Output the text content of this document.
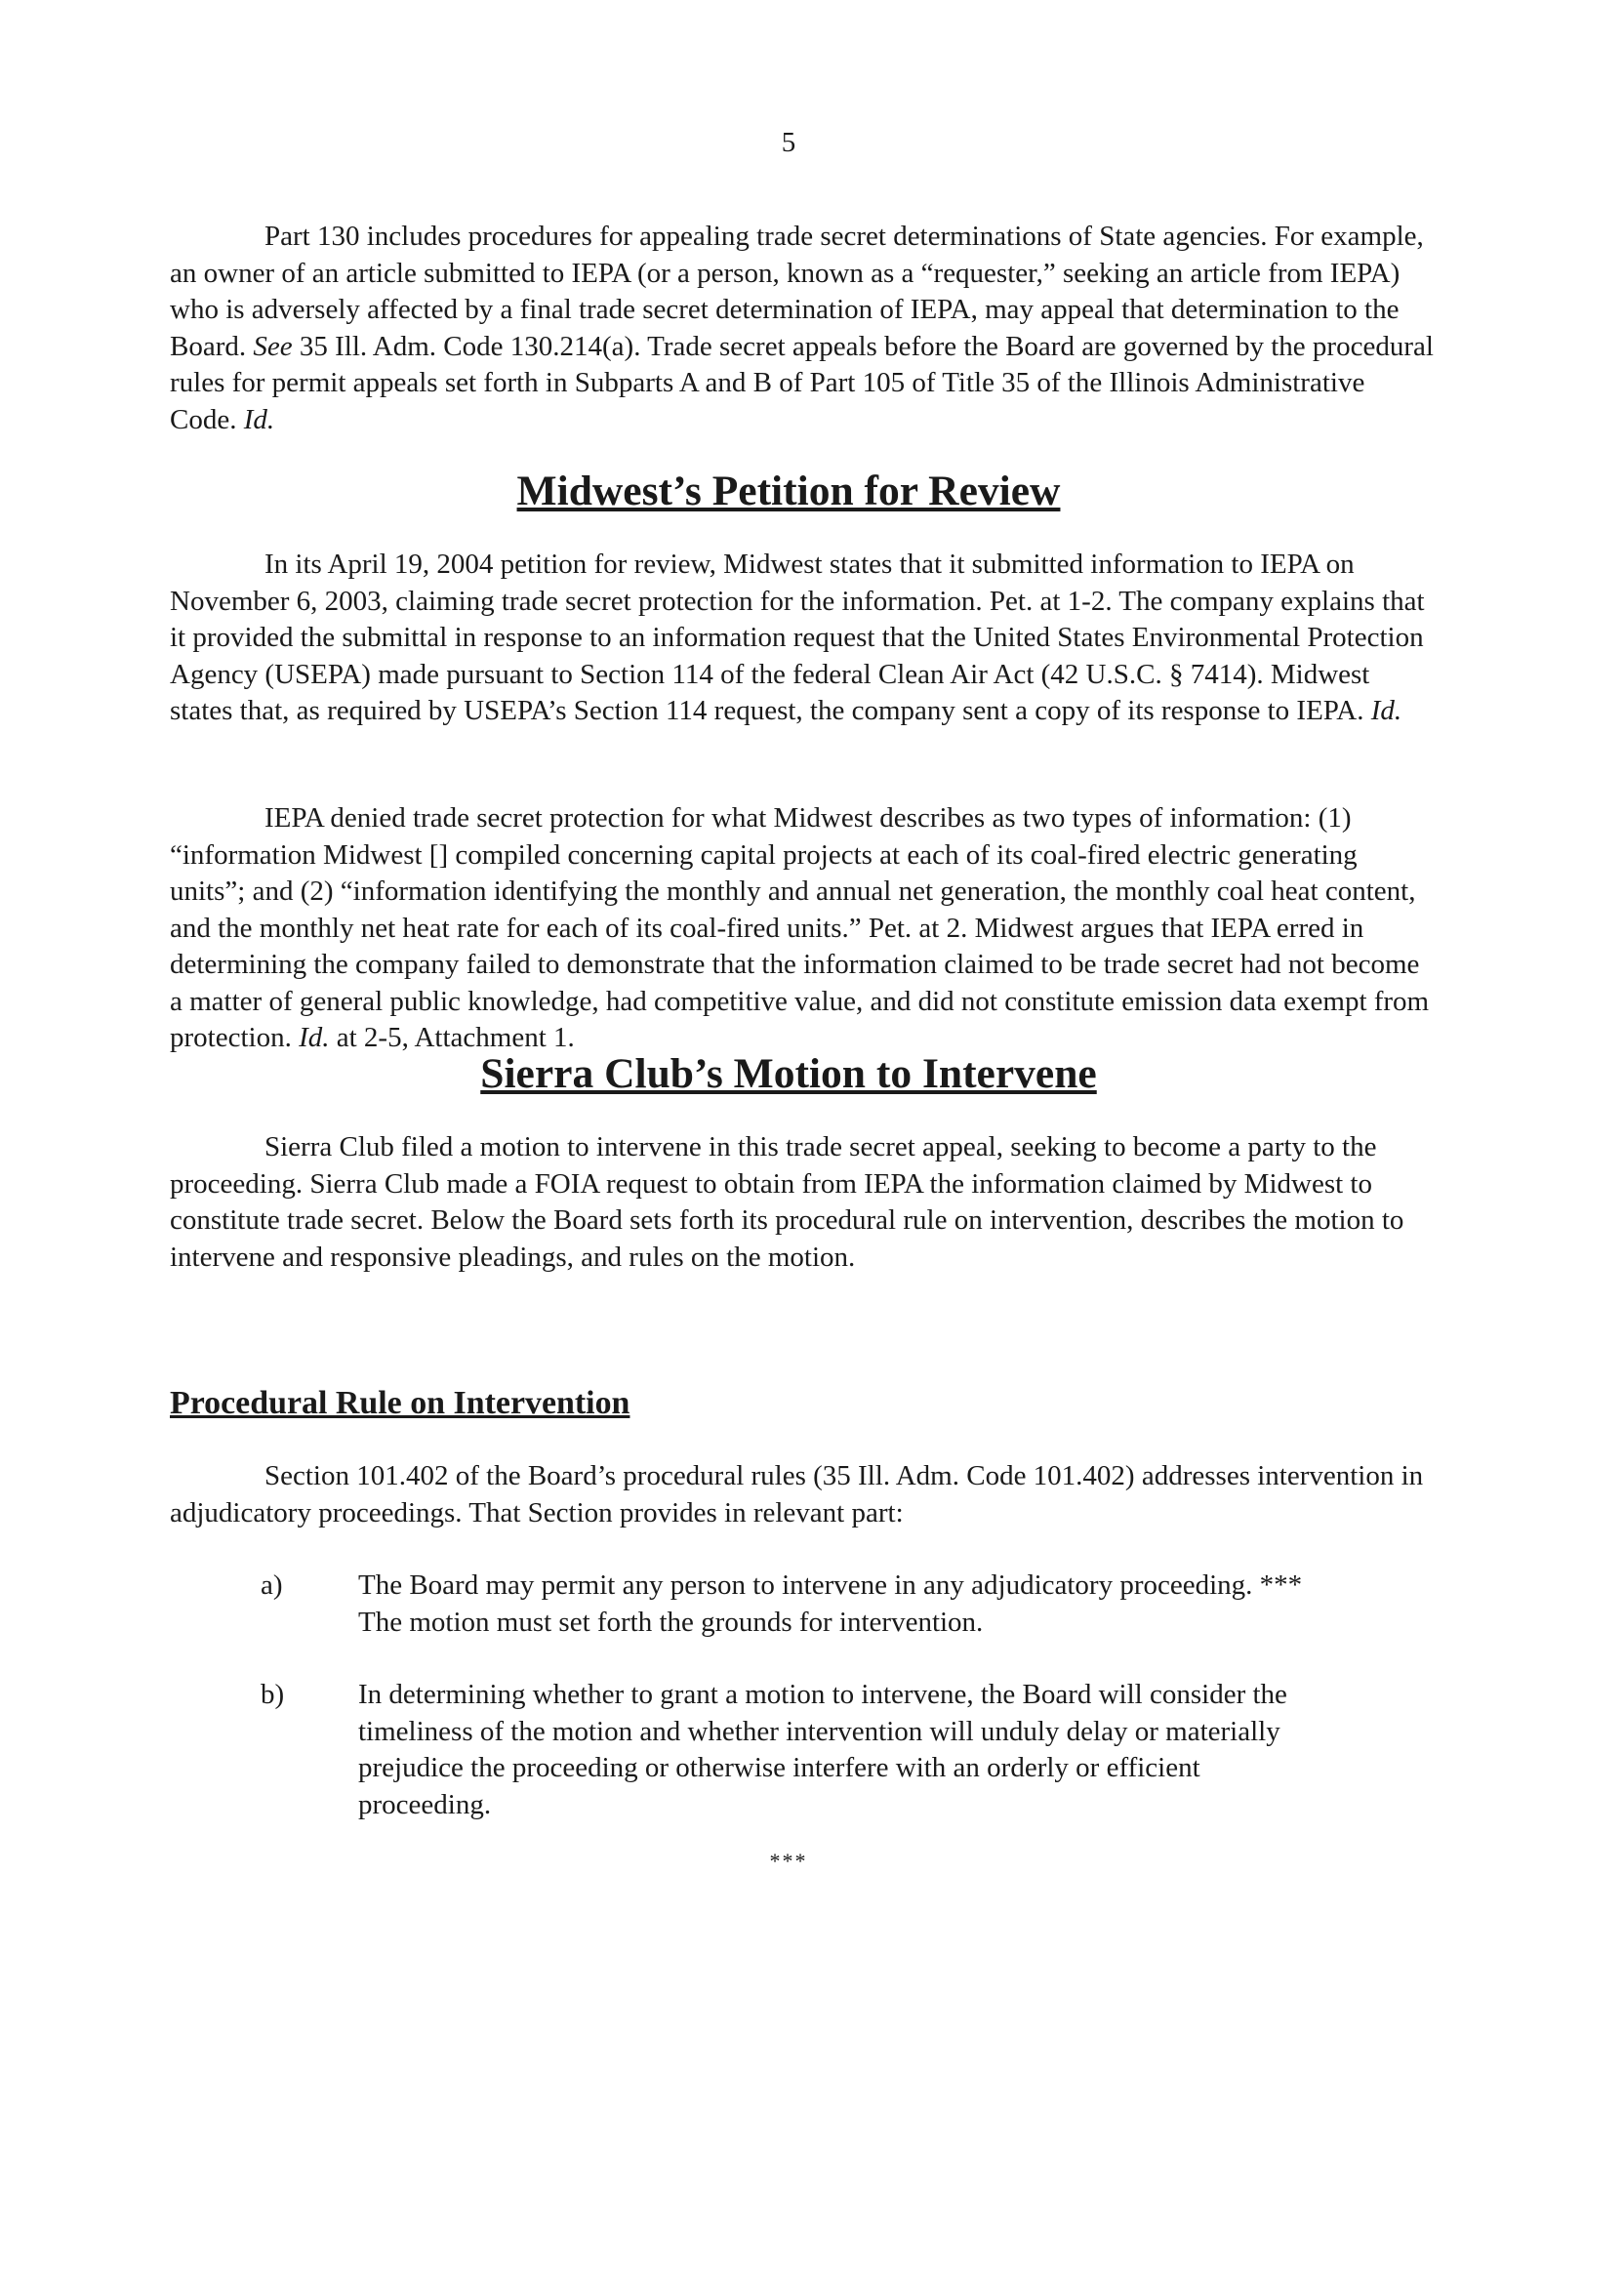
5

Part 130 includes procedures for appealing trade secret determinations of State agencies. For example, an owner of an article submitted to IEPA (or a person, known as a “requester,” seeking an article from IEPA) who is adversely affected by a final trade secret determination of IEPA, may appeal that determination to the Board. See 35 Ill. Adm. Code 130.214(a). Trade secret appeals before the Board are governed by the procedural rules for permit appeals set forth in Subparts A and B of Part 105 of Title 35 of the Illinois Administrative Code. Id.

Midwest’s Petition for Review

In its April 19, 2004 petition for review, Midwest states that it submitted information to IEPA on November 6, 2003, claiming trade secret protection for the information. Pet. at 1-2. The company explains that it provided the submittal in response to an information request that the United States Environmental Protection Agency (USEPA) made pursuant to Section 114 of the federal Clean Air Act (42 U.S.C. § 7414). Midwest states that, as required by USEPA’s Section 114 request, the company sent a copy of its response to IEPA. Id.

IEPA denied trade secret protection for what Midwest describes as two types of information: (1) “information Midwest [] compiled concerning capital projects at each of its coal-fired electric generating units”; and (2) “information identifying the monthly and annual net generation, the monthly coal heat content, and the monthly net heat rate for each of its coal-fired units.” Pet. at 2. Midwest argues that IEPA erred in determining the company failed to demonstrate that the information claimed to be trade secret had not become a matter of general public knowledge, had competitive value, and did not constitute emission data exempt from protection. Id. at 2-5, Attachment 1.

Sierra Club’s Motion to Intervene

Sierra Club filed a motion to intervene in this trade secret appeal, seeking to become a party to the proceeding. Sierra Club made a FOIA request to obtain from IEPA the information claimed by Midwest to constitute trade secret. Below the Board sets forth its procedural rule on intervention, describes the motion to intervene and responsive pleadings, and rules on the motion.

Procedural Rule on Intervention

Section 101.402 of the Board’s procedural rules (35 Ill. Adm. Code 101.402) addresses intervention in adjudicatory proceedings. That Section provides in relevant part:

a)	The Board may permit any person to intervene in any adjudicatory proceeding. *** The motion must set forth the grounds for intervention.
b)	In determining whether to grant a motion to intervene, the Board will consider the timeliness of the motion and whether intervention will unduly delay or materially prejudice the proceeding or otherwise interfere with an orderly or efficient proceeding.
***
